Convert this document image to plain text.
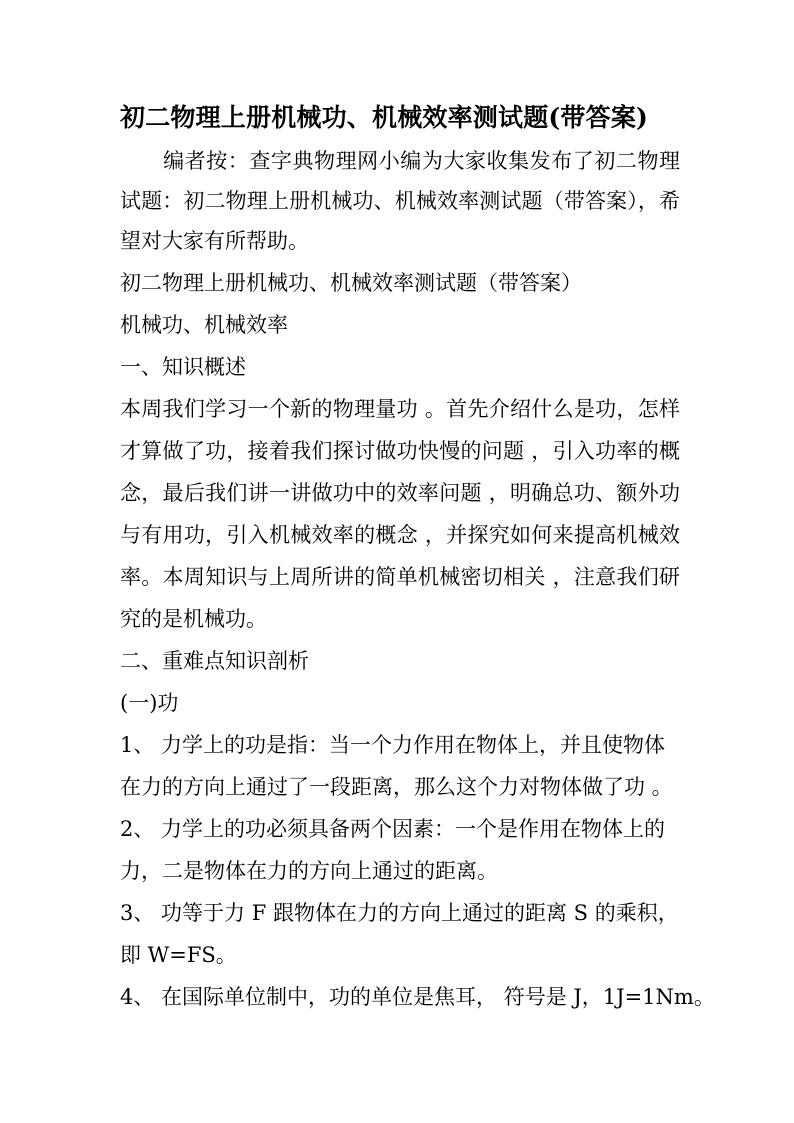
初二物理上册机械功、机械效率测试题(带答案)
　　编者按：查字典物理网小编为大家收集发布了初二物理
试题：初二物理上册机械功、机械效率测试题（带答案），希
望对大家有所帮助。
初二物理上册机械功、机械效率测试题（带答案）
机械功、机械效率
一、知识概述
本周我们学习一个新的物理量功 。首先介绍什么是功，怎样
才算做了功，接着我们探讨做功快慢的问题 ，引入功率的概
念，最后我们讲一讲做功中的效率问题 ，明确总功、额外功
与有用功，引入机械效率的概念 ，并探究如何来提高机械效
率。本周知识与上周所讲的简单机械密切相关 ，注意我们研
究的是机械功。
二、重难点知识剖析
(一)功
1、 力学上的功是指：当一个力作用在物体上，并且使物体
在力的方向上通过了一段距离，那么这个力对物体做了功 。
2、 力学上的功必须具备两个因素：一个是作用在物体上的
力，二是物体在力的方向上通过的距离。
3、 功等于力 F 跟物体在力的方向上通过的距离 S 的乘积，
即 W=FS。
4、 在国际单位制中，功的单位是焦耳， 符号是 J，1J=1Nm。
